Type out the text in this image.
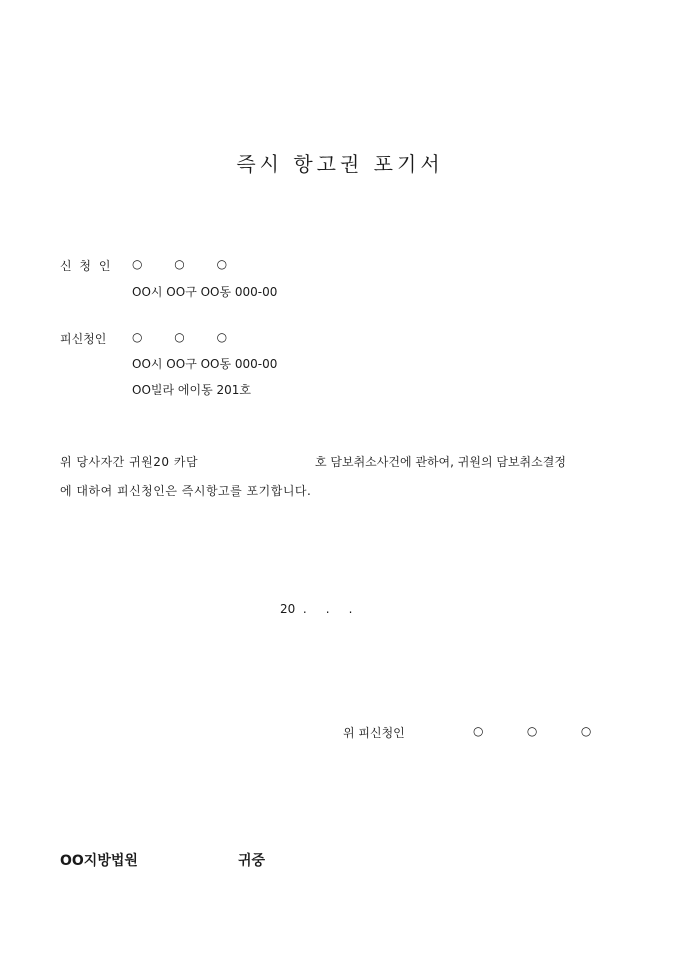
즉시 항고권 포기서
신 청 인 ○ ○ ○
OO시 OO구 OO동 000-00
피신청인 ○ ○ ○
OO시 OO구 OO동 000-00
OO빌라 에이동 201호
위 당사자간 귀원20 카담	호 담보취소사건에 관하여, 귀원의 담보취소결정
에 대하여 피신청인은 즉시항고를 포기합니다.
20  .     .     .
위 피신청인	○   ○   ○
OO지방법원	귀중
